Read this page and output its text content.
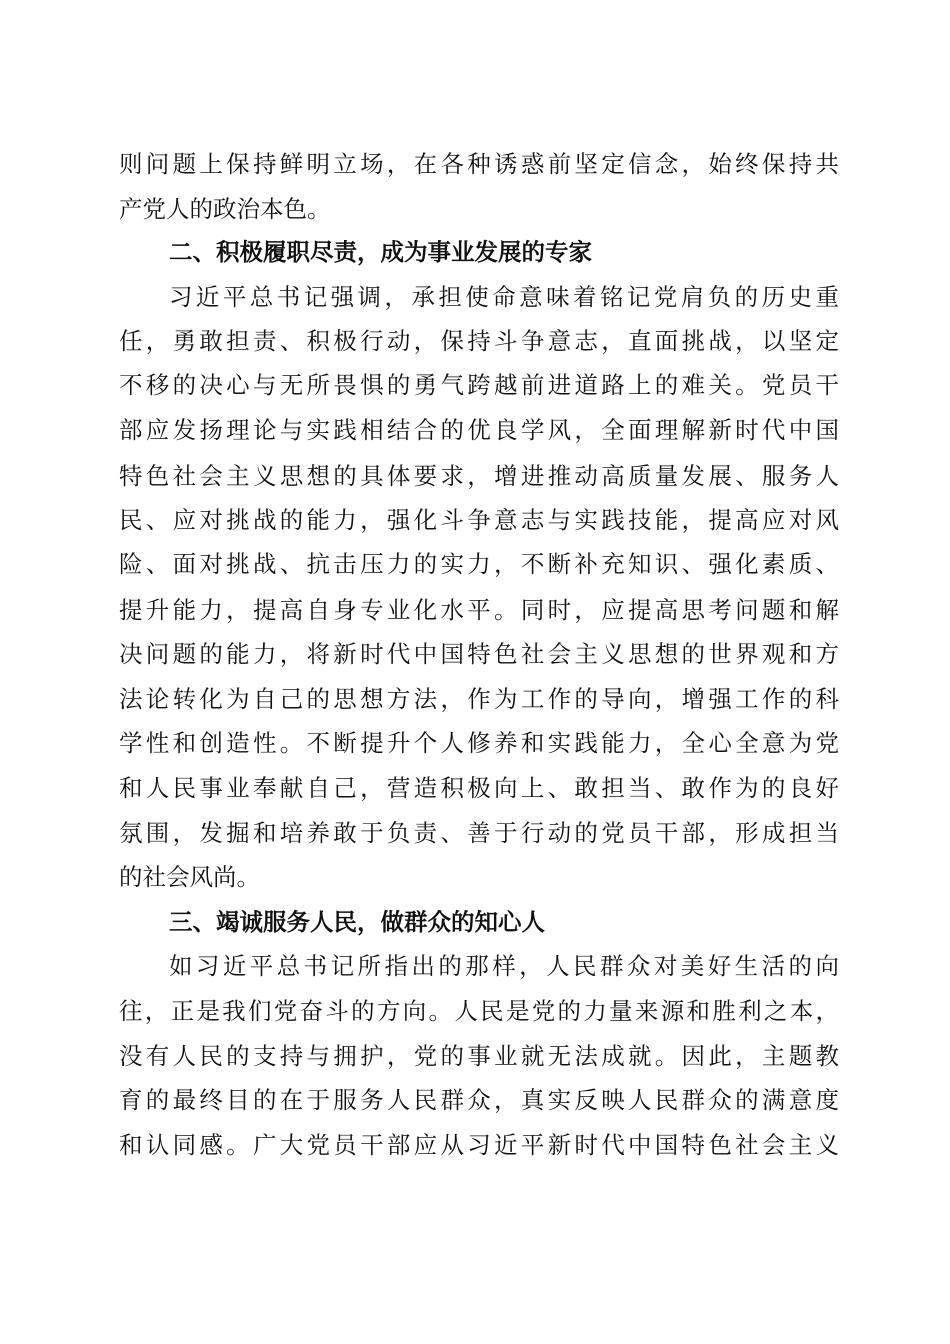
则问题上保持鲜明立场，在各种诱惑前坚定信念，始终保持共
产党人的政治本色。
二、积极履职尽责，成为事业发展的专家
习近平总书记强调，承担使命意味着铭记党肩负的历史重
任，勇敢担责、积极行动，保持斗争意志，直面挑战，以坚定
不移的决心与无所畏惧的勇气跨越前进道路上的难关。党员干
部应发扬理论与实践相结合的优良学风，全面理解新时代中国
特色社会主义思想的具体要求，增进推动高质量发展、服务人
民、应对挑战的能力，强化斗争意志与实践技能，提高应对风
险、面对挑战、抗击压力的实力，不断补充知识、强化素质、
提升能力，提高自身专业化水平。同时，应提高思考问题和解
决问题的能力，将新时代中国特色社会主义思想的世界观和方
法论转化为自己的思想方法，作为工作的导向，增强工作的科
学性和创造性。不断提升个人修养和实践能力，全心全意为党
和人民事业奉献自己，营造积极向上、敢担当、敢作为的良好
氛围，发掘和培养敢于负责、善于行动的党员干部，形成担当
的社会风尚。
三、竭诚服务人民，做群众的知心人
如习近平总书记所指出的那样，人民群众对美好生活的向
往，正是我们党奋斗的方向。人民是党的力量来源和胜利之本，
没有人民的支持与拥护，党的事业就无法成就。因此，主题教
育的最终目的在于服务人民群众，真实反映人民群众的满意度
和认同感。广大党员干部应从习近平新时代中国特色社会主义
